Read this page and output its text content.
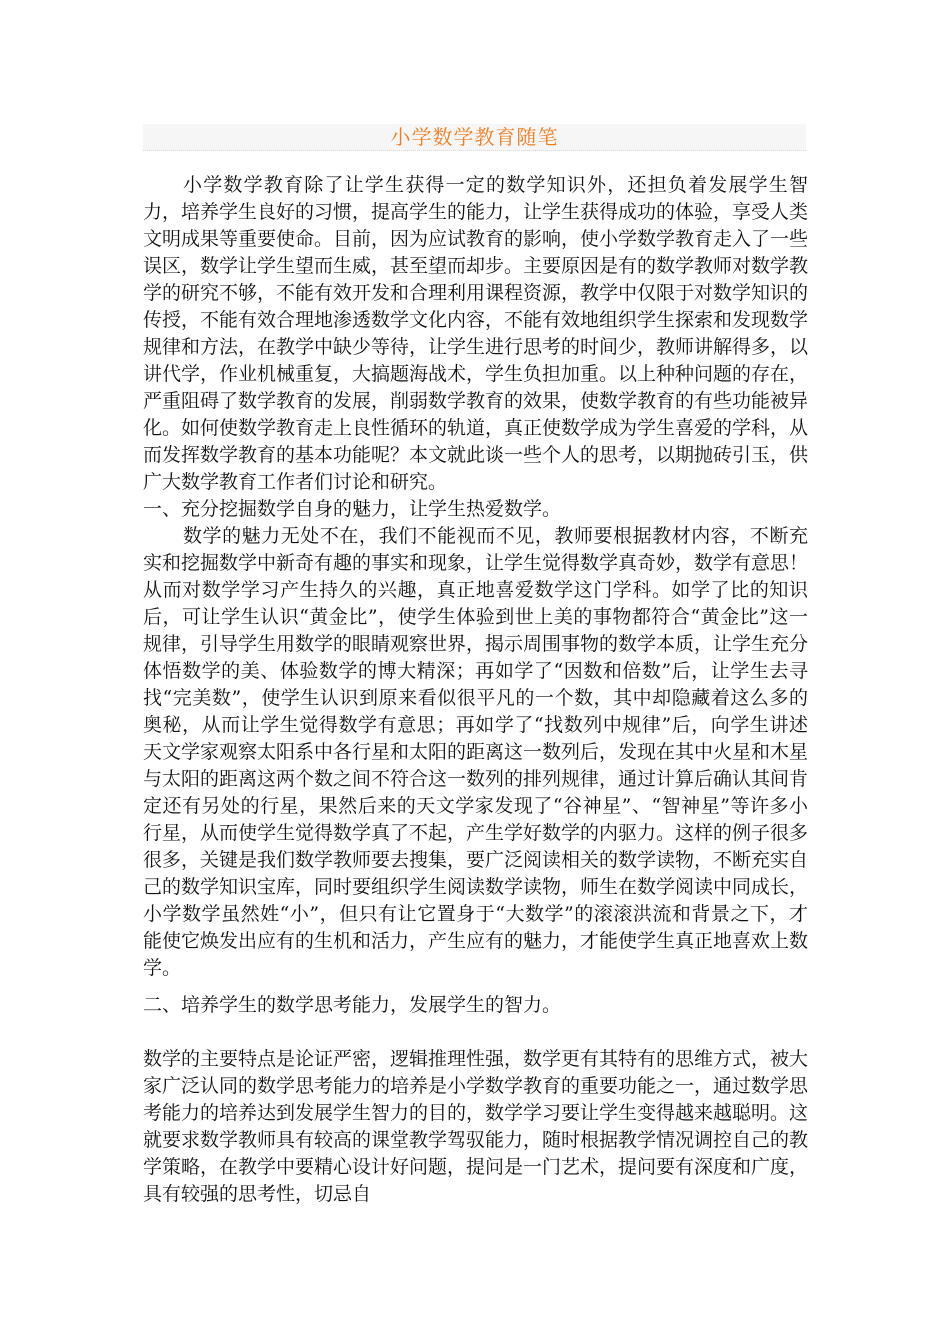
小学数学教育随笔

小学数学教育除了让学生获得一定的数学知识外，还担负着发展学生智力，培养学生良好的习惯，提高学生的能力，让学生获得成功的体验，享受人类文明成果等重要使命。目前，因为应试教育的影响，使小学数学教育走入了一些误区，数学让学生望而生威，甚至望而却步。主要原因是有的数学教师对数学教学的研究不够，不能有效开发和合理利用课程资源，教学中仅限于对数学知识的传授，不能有效合理地渗透数学文化内容，不能有效地组织学生探索和发现数学规律和方法，在教学中缺少等待，让学生进行思考的时间少，教师讲解得多，以讲代学，作业机械重复，大搞题海战术，学生负担加重。以上种种问题的存在，严重阻碍了数学教育的发展，削弱数学教育的效果，使数学教育的有些功能被异化。如何使数学教育走上良性循环的轨道，真正使数学成为学生喜爱的学科，从而发挥数学教育的基本功能呢？本文就此谈一些个人的思考，以期抛砖引玉，供广大数学教育工作者们讨论和研究。

一、充分挖掘数学自身的魅力，让学生热爱数学。

数学的魅力无处不在，我们不能视而不见，教师要根据教材内容，不断充实和挖掘数学中新奇有趣的事实和现象，让学生觉得数学真奇妙，数学有意思！从而对数学学习产生持久的兴趣，真正地喜爱数学这门学科。如学了比的知识后，可让学生认识“黄金比”，使学生体验到世上美的事物都符合“黄金比”这一规律，引导学生用数学的眼睛观察世界，揭示周围事物的数学本质，让学生充分体悟数学的美、体验数学的博大精深；再如学了“因数和倍数”后，让学生去寻找“完美数”，使学生认识到原来看似很平凡的一个数，其中却隐藏着这么多的奥秘，从而让学生觉得数学有意思；再如学了“找数列中规律”后，向学生讲述天文学家观察太阳系中各行星和太阳的距离这一数列后，发现在其中火星和木星与太阳的距离这两个数之间不符合这一数列的排列规律，通过计算后确认其间肯定还有另处的行星，果然后来的天文学家发现了“谷神星”、“智神星”等许多小行星，从而使学生觉得数学真了不起，产生学好数学的内驱力。这样的例子很多很多，关键是我们数学教师要去搜集，要广泛阅读相关的数学读物，不断充实自己的数学知识宝库，同时要组织学生阅读数学读物，师生在数学阅读中同成长，小学数学虽然姓“小”，但只有让它置身于“大数学”的滚滚洪流和背景之下，才能使它焕发出应有的生机和活力，产生应有的魅力，才能使学生真正地喜欢上数学。

二、培养学生的数学思考能力，发展学生的智力。

数学的主要特点是论证严密，逻辑推理性强，数学更有其特有的思维方式，被大家广泛认同的数学思考能力的培养是小学数学教育的重要功能之一，通过数学思考能力的培养达到发展学生智力的目的，数学学习要让学生变得越来越聪明。这就要求数学教师具有较高的课堂教学驾驭能力，随时根据教学情况调控自己的教学策略，在教学中要精心设计好问题，提问是一门艺术，提问要有深度和广度，具有较强的思考性，切忌自
